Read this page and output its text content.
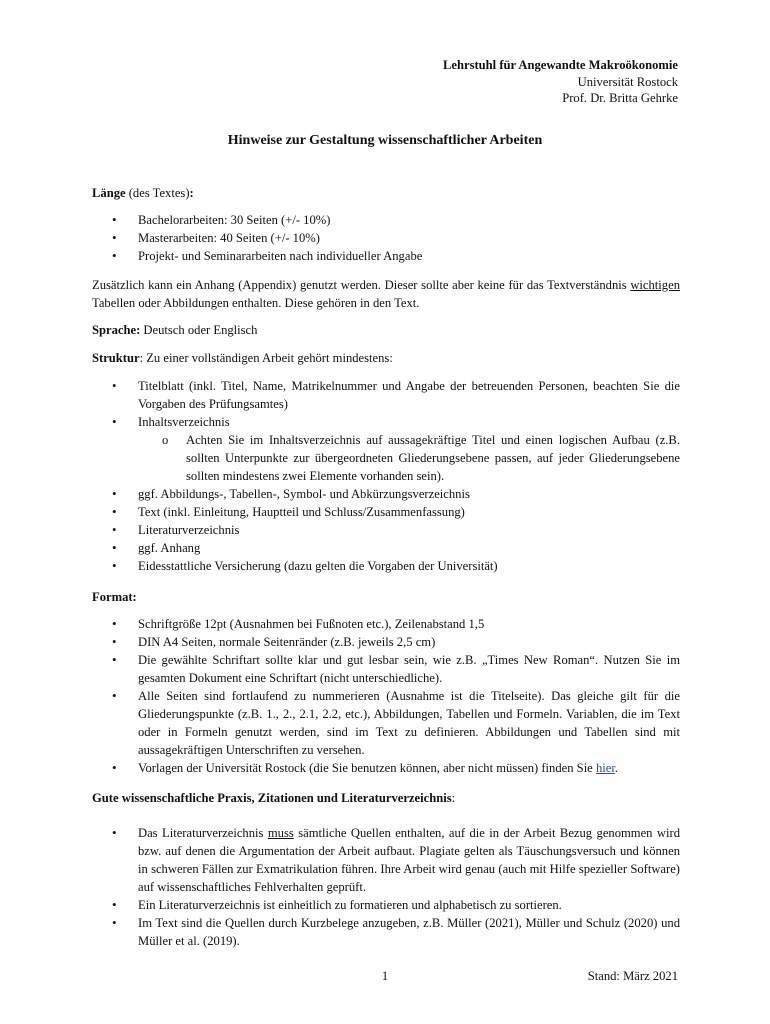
Lehrstuhl für Angewandte Makroökonomie
Universität Rostock
Prof. Dr. Britta Gehrke
Hinweise zur Gestaltung wissenschaftlicher Arbeiten
Länge (des Textes):
• Bachelorarbeiten: 30 Seiten (+/- 10%)
• Masterarbeiten: 40 Seiten (+/- 10%)
• Projekt- und Seminararbeiten nach individueller Angabe
Zusätzlich kann ein Anhang (Appendix) genutzt werden. Dieser sollte aber keine für das Textverständnis wichtigen Tabellen oder Abbildungen enthalten. Diese gehören in den Text.
Sprache: Deutsch oder Englisch
Struktur: Zu einer vollständigen Arbeit gehört mindestens:
• Titelblatt (inkl. Titel, Name, Matrikelnummer und Angabe der betreuenden Personen, beachten Sie die Vorgaben des Prüfungsamtes)
• Inhaltsverzeichnis
o Achten Sie im Inhaltsverzeichnis auf aussagekräftige Titel und einen logischen Aufbau (z.B. sollten Unterpunkte zur übergeordneten Gliederungsebene passen, auf jeder Gliederungsebene sollten mindestens zwei Elemente vorhanden sein).
• ggf. Abbildungs-, Tabellen-, Symbol- und Abkürzungsverzeichnis
• Text (inkl. Einleitung, Hauptteil und Schluss/Zusammenfassung)
• Literaturverzeichnis
• ggf. Anhang
• Eidesstattliche Versicherung (dazu gelten die Vorgaben der Universität)
Format:
• Schriftgröße 12pt (Ausnahmen bei Fußnoten etc.), Zeilenabstand 1,5
• DIN A4 Seiten, normale Seitenränder (z.B. jeweils 2,5 cm)
• Die gewählte Schriftart sollte klar und gut lesbar sein, wie z.B. „Times New Roman“. Nutzen Sie im gesamten Dokument eine Schriftart (nicht unterschiedliche).
• Alle Seiten sind fortlaufend zu nummerieren (Ausnahme ist die Titelseite). Das gleiche gilt für die Gliederungspunkte (z.B. 1., 2., 2.1, 2.2, etc.), Abbildungen, Tabellen und Formeln. Variablen, die im Text oder in Formeln genutzt werden, sind im Text zu definieren. Abbildungen und Tabellen sind mit aussagekräftigen Unterschriften zu versehen.
• Vorlagen der Universität Rostock (die Sie benutzen können, aber nicht müssen) finden Sie hier.
Gute wissenschaftliche Praxis, Zitationen und Literaturverzeichnis:
• Das Literaturverzeichnis muss sämtliche Quellen enthalten, auf die in der Arbeit Bezug genommen wird bzw. auf denen die Argumentation der Arbeit aufbaut. Plagiate gelten als Täuschungsversuch und können in schweren Fällen zur Exmatrikulation führen. Ihre Arbeit wird genau (auch mit Hilfe spezieller Software) auf wissenschaftliches Fehlverhalten geprüft.
• Ein Literaturverzeichnis ist einheitlich zu formatieren und alphabetisch zu sortieren.
• Im Text sind die Quellen durch Kurzbelege anzugeben, z.B. Müller (2021), Müller und Schulz (2020) und Müller et al. (2019).
1	Stand: März 2021
